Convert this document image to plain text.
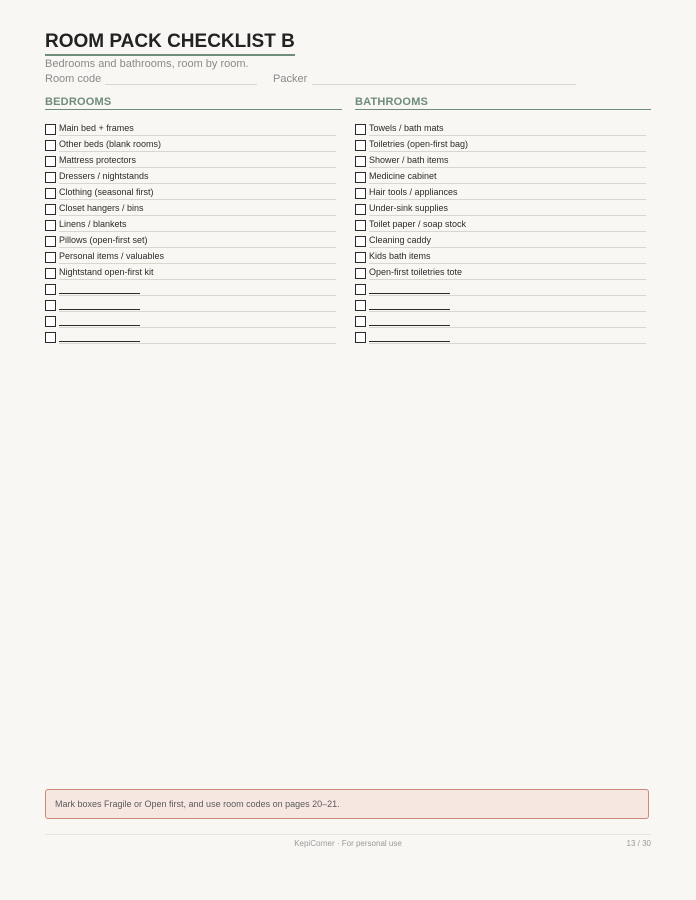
ROOM PACK CHECKLIST B
Bedrooms and bathrooms, room by room.
Room code	Packer
BEDROOMS
Main bed + frames
Other beds (blank rooms)
Mattress protectors
Dressers / nightstands
Clothing (seasonal first)
Closet hangers / bins
Linens / blankets
Pillows (open-first set)
Personal items / valuables
Nightstand open-first kit
BATHROOMS
Towels / bath mats
Toiletries (open-first bag)
Shower / bath items
Medicine cabinet
Hair tools / appliances
Under-sink supplies
Toilet paper / soap stock
Cleaning caddy
Kids bath items
Open-first toiletries tote
Mark boxes Fragile or Open first, and use room codes on pages 20–21.
KepiCorner · For personal use	13 / 30
